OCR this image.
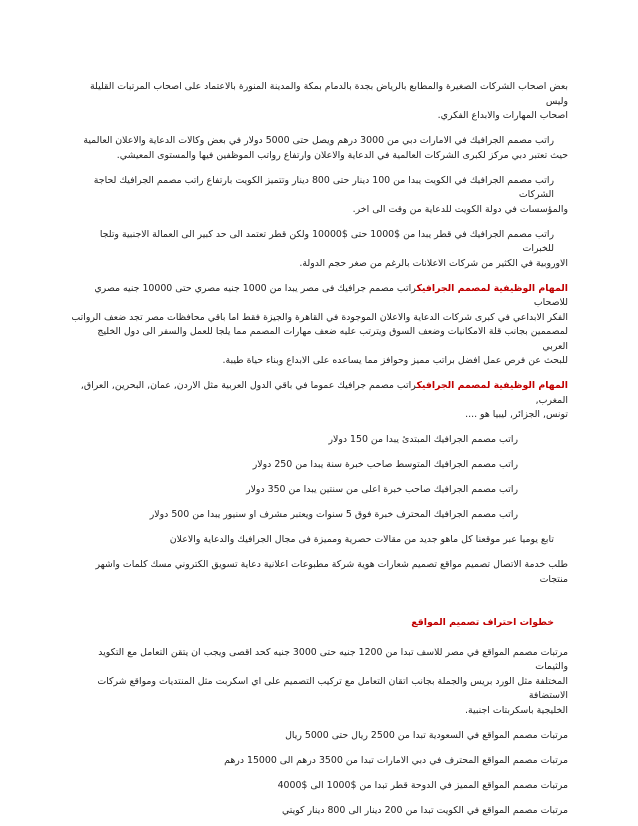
بعض اصحاب الشركات الصغيرة والمطابع بالرياض بجدة بالدمام بمكة والمدينة المنورة بالاعتماد على اصحاب المرتبات القليلة وليس

اصحاب المهارات والابداع الفكري.

راتب مصمم الجرافيك في الامارات دبي من 3000 درهم ويصل حتى 5000 دولار في بعض وكالات الدعاية والاعلان العالمية

حيث تعتبر دبي مركز لكبرى الشركات العالمية في الدعاية والاعلان وارتفاع رواتب الموظفين فيها والمستوى المعيشي.

راتب مصمم الجرافيك في الكويت يبدا من 100 دينار حتى 800 دينار وتتميز الكويت بارتفاع راتب مصمم الجرافيك لحاجة الشركات

والمؤسسات في دولة الكويت للدعاية من وقت الى اخر.

راتب مصمم الجرافيك في قطر يبدا من $1000 حتى $10000 ولكن قطر تعتمد الى حد كبير الى العمالة الاجنبية وتلجا للخبرات

الاوروبية في الكثير من شركات الاعلانات بالرغم من صغر حجم الدولة.

المهام الوظيفية لمصمم الجرافيكراتب مصمم جرافيك فى مصر يبدا من 1000 جنيه مصري حتى 10000 جنيه مصري للاصحاب

الفكر الابداعي في كبرى شركات الدعاية والاعلان الموجودة في القاهرة والجيزة فقط اما باقي محافظات مصر تجد ضعف الرواتب

لمصممين بجانب قلة الامكانيات وضعف السوق ويترتب عليه ضعف مهارات المصمم مما يلجا للعمل والسفر الى دول الخليج العربي

للبحث عن فرص عمل افضل براتب مميز وحوافز مما يساعده على الابداع وبناء حياة طيبة.

المهام الوظيفية لمصمم الجرافيكراتب مصمم جرافيك عموما في باقي الدول العربية مثل الاردن, عمان, البحرين, العراق, المغرب,

تونس, الجزائر, ليبيا هو ....

راتب مصمم الجرافيك المبتدئ يبدا من 150 دولار

راتب مصمم الجرافيك المتوسط صاحب خبرة سنة يبدا من 250 دولار

راتب مصمم الجرافيك صاحب خبرة اعلى من سنتين يبدا من 350 دولار

راتب مصمم الجرافيك المحترف خبرة فوق 5 سنوات ويعتبر مشرف او سنيور يبدا من 500 دولار

تابع يوميا عبر موقعنا كل ماهو جديد من مقالات حصرية ومميزة فى مجال الجرافيك والدعاية والاعلان

طلب خدمة الاتصال تصميم مواقع تصميم شعارات هوية شركة مطبوعات اعلانية دعاية تسويق الكتروني مسك كلمات واشهر منتجات

خطوات احتراف تصميم المواقع

مرتبات مصمم المواقع في مصر للاسف تبدا من 1200 جنيه حتى 3000 جنيه كحد اقصى ويجب ان يتقن التعامل مع التكويد والثيمات

المختلفة مثل الورد بريس والجملة بجانب اتقان التعامل مع تركيب التصميم على اي اسكربت مثل المنتديات ومواقع شركات الاستضافة

الخليجية باسكربتات اجنبية.

مرتبات مصمم المواقع في السعودية تبدا من 2500 ريال حتى 5000 ريال

مرتبات مصمم المواقع المحترف في دبي الامارات تبدا من 3500 درهم الى 15000 درهم

مرتبات مصمم المواقع المميز في الدوحة قطر تبدا من $1000 الى $4000

مرتبات مصمم المواقع في الكويت تبدا من 200 دينار الى 800 دينار كويتي
